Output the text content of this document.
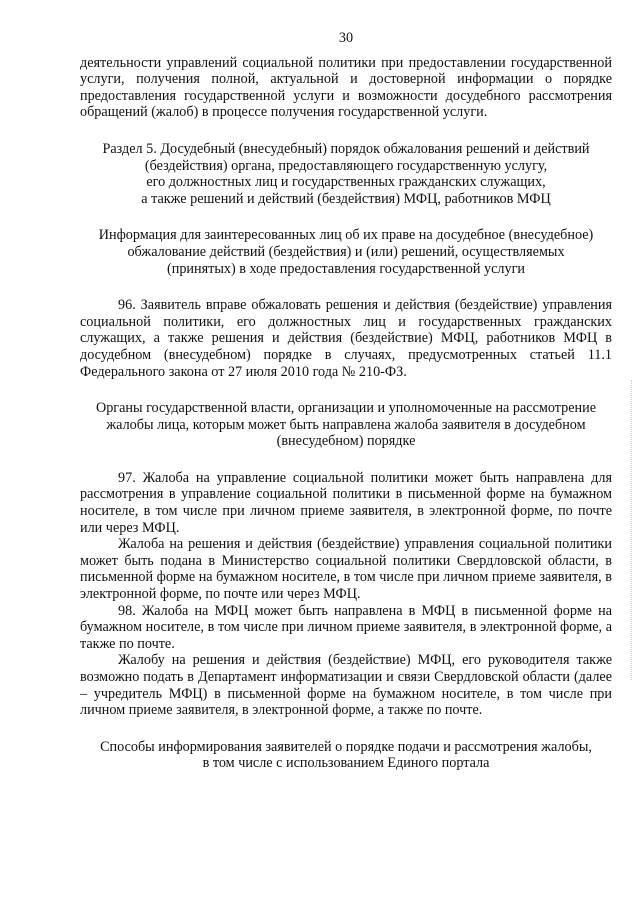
30

деятельности управлений социальной политики при предоставлении государственной услуги, получения полной, актуальной и достоверной информации о порядке предоставления государственной услуги и возможности досудебного рассмотрения обращений (жалоб) в процессе получения государственной услуги.

Раздел 5. Досудебный (внесудебный) порядок обжалования решений и действий
(бездействия) органа, предоставляющего государственную услугу,
его должностных лиц и государственных гражданских служащих,
а также решений и действий (бездействия) МФЦ, работников МФЦ
Информация для заинтересованных лиц об их праве на досудебное (внесудебное)
обжалование действий (бездействия) и (или) решений, осуществляемых
(принятых) в ходе предоставления государственной услуги

96. Заявитель вправе обжаловать решения и действия (бездействие) управления социальной политики, его должностных лиц и государственных гражданских служащих, а также решения и действия (бездействие) МФЦ, работников МФЦ в досудебном (внесудебном) порядке в случаях, предусмотренных статьей 11.1 Федерального закона от 27 июля 2010 года № 210-ФЗ.

Органы государственной власти, организации и уполномоченные на рассмотрение
жалобы лица, которым может быть направлена жалоба заявителя в досудебном
(внесудебном) порядке

97. Жалоба на управление социальной политики может быть направлена для рассмотрения в управление социальной политики в письменной форме на бумажном носителе, в том числе при личном приеме заявителя, в электронной форме, по почте или через МФЦ.

Жалоба на решения и действия (бездействие) управления социальной политики может быть подана в Министерство социальной политики Свердловской области, в письменной форме на бумажном носителе, в том числе при личном приеме заявителя, в электронной форме, по почте или через МФЦ.

98. Жалоба на МФЦ может быть направлена в МФЦ в письменной форме на бумажном носителе, в том числе при личном приеме заявителя, в электронной форме, а также по почте.

Жалобу на решения и действия (бездействие) МФЦ, его руководителя также возможно подать в Департамент информатизации и связи Свердловской области (далее – учредитель МФЦ) в письменной форме на бумажном носителе, в том числе при личном приеме заявителя, в электронной форме, а также по почте.

Способы информирования заявителей о порядке подачи и рассмотрения жалобы,
в том числе с использованием Единого портала
